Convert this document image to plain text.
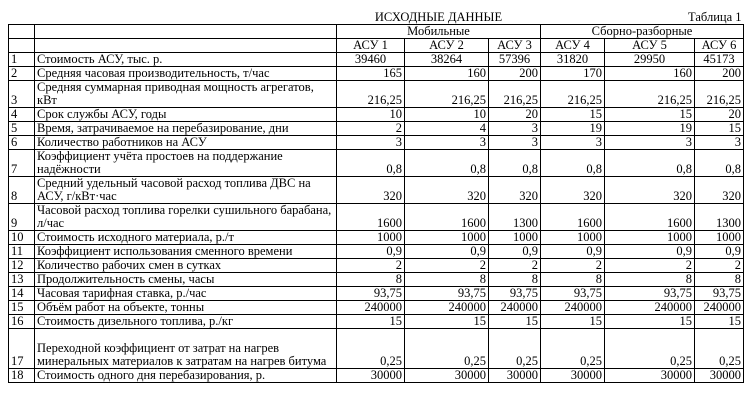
		ИСХОДНЫЕ ДАННЫЕ			Таблица 1		
		Мобильные			Сборно-разборные		
		АСУ 1	АСУ 2	АСУ 3	АСУ 4	АСУ 5	АСУ 6
1	Стоимость АСУ, тыс. р.	39460	38264	57396	31820	29950	45173
2	Средняя часовая производительность, т/час	165	160	200	170	160	200
3	Средняя суммарная приводная мощность агрегатов, кВт	216,25	216,25	216,25	216,25	216,25	216,25
4	Срок службы АСУ, годы	10	10	20	15	15	20
5	Время, затрачиваемое на перебазирование, дни	2	4	3	19	19	15
6	Количество работников на АСУ	3	3	3	3	3	3
7	Коэффициент учёта простоев на поддержание надёжности	0,8	0,8	0,8	0,8	0,8	0,8
8	Средний удельный часовой расход топлива ДВС на АСУ, г/кВт·час	320	320	320	320	320	320
9	Часовой расход топлива горелки сушильного барабана, л/час	1600	1600	1300	1600	1600	1300
10	Стоимость исходного материала, р./т	1000	1000	1000	1000	1000	1000
11	Коэффициент использования сменного времени	0,9	0,9	0,9	0,9	0,9	0,9
12	Количество рабочих смен в сутках	2	2	2	2	2	2
13	Продолжительность смены, часы	8	8	8	8	8	8
14	Часовая тарифная ставка, р./час	93,75	93,75	93,75	93,75	93,75	93,75
15	Объём работ на объекте, тонны	240000	240000	240000	240000	240000	240000
16	Стоимость дизельного топлива, р./кг	15	15	15	15	15	15
17	Переходной коэффициент от затрат на нагрев минеральных материалов к затратам на нагрев битума	0,25	0,25	0,25	0,25	0,25	0,25
18	Стоимость одного дня перебазирования, р.	30000	30000	30000	30000	30000	30000
